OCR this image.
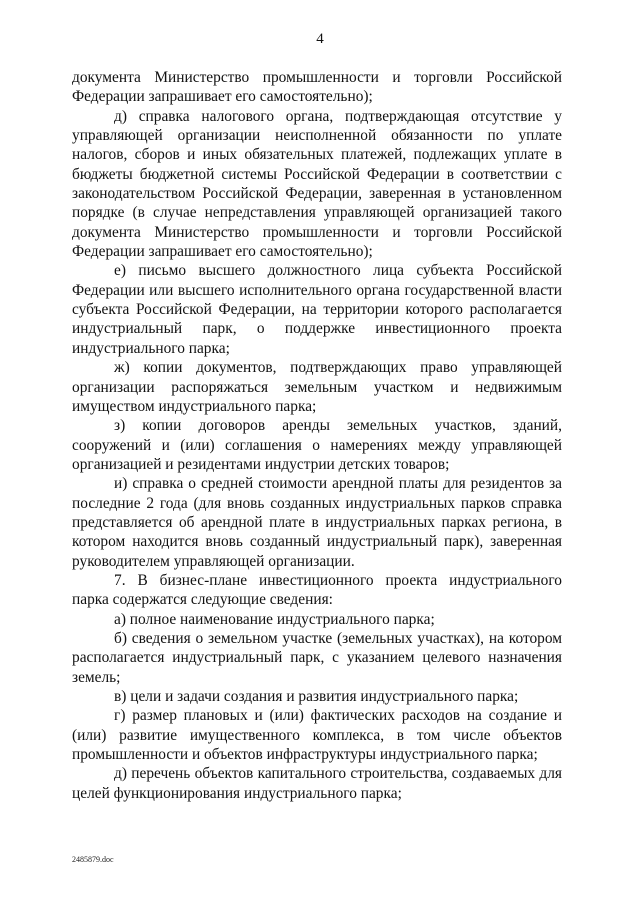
4

документа Министерство промышленности и торговли Российской Федерации запрашивает его самостоятельно);

д) справка налогового органа, подтверждающая отсутствие у управляющей организации неисполненной обязанности по уплате налогов, сборов и иных обязательных платежей, подлежащих уплате в бюджеты бюджетной системы Российской Федерации в соответствии с законодательством Российской Федерации, заверенная в установленном порядке (в случае непредставления управляющей организацией такого документа Министерство промышленности и торговли Российской Федерации запрашивает его самостоятельно);

е) письмо высшего должностного лица субъекта Российской Федерации или высшего исполнительного органа государственной власти субъекта Российской Федерации, на территории которого располагается индустриальный парк, о поддержке инвестиционного проекта индустриального парка;

ж) копии документов, подтверждающих право управляющей организации распоряжаться земельным участком и недвижимым имуществом индустриального парка;

з) копии договоров аренды земельных участков, зданий, сооружений и (или) соглашения о намерениях между управляющей организацией и резидентами индустрии детских товаров;

и) справка о средней стоимости арендной платы для резидентов за последние 2 года (для вновь созданных индустриальных парков справка представляется об арендной плате в индустриальных парках региона, в котором находится вновь созданный индустриальный парк), заверенная руководителем управляющей организации.

7. В бизнес-плане инвестиционного проекта индустриального парка содержатся следующие сведения:

а) полное наименование индустриального парка;

б) сведения о земельном участке (земельных участках), на котором располагается индустриальный парк, с указанием целевого назначения земель;

в) цели и задачи создания и развития индустриального парка;

г) размер плановых и (или) фактических расходов на создание и (или) развитие имущественного комплекса, в том числе объектов промышленности и объектов инфраструктуры индустриального парка;

д) перечень объектов капитального строительства, создаваемых для целей функционирования индустриального парка;

2485879.doc
